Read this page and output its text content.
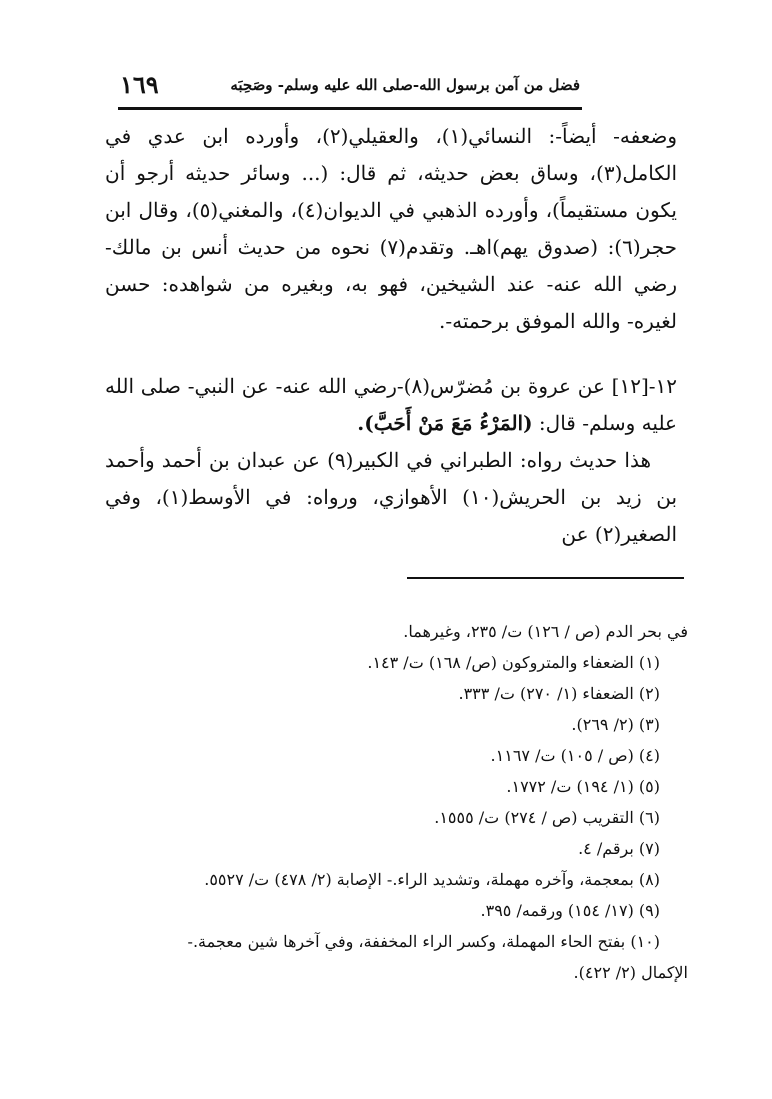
فضل من آمن برسول الله-صلى الله عليه وسلم- وصَحِبَه
١٦٩

وضعفه- أيضاً-: النسائي(١)، والعقيلي(٢)، وأورده ابن عدي في الكامل(٣)، وساق بعض حديثه، ثم قال: (... وسائر حديثه أرجو أن يكون مستقيماً)، وأورده الذهبي في الديوان(٤)، والمغني(٥)، وقال ابن حجر(٦): (صدوق يهم)اهـ. وتقدم(٧) نحوه من حديث أنس بن مالك- رضي الله عنه- عند الشيخين، فهو به، وبغيره من شواهده: حسن لغيره- والله الموفق برحمته-.

١٢-[١٢] عن عروة بن مُضرّس(٨)-رضي الله عنه- عن النبي- صلى الله عليه وسلم- قال: (المَرْءُ مَعَ مَنْ أَحَبَّ).

هذا حديث رواه: الطبراني في الكبير(٩) عن عبدان بن أحمد وأحمد بن زيد بن الحريش(١٠) الأهوازي، ورواه: في الأوسط(١)، وفي الصغير(٢) عن

في بحر الدم (ص / ١٢٦) ت/ ٢٣٥، وغيرهما.

(١) الضعفاء والمتروكون (ص/ ١٦٨) ت/ ١٤٣.

(٢) الضعفاء (١/ ٢٧٠) ت/ ٣٣٣.

(٣) (٢/ ٢٦٩).

(٤) (ص / ١٠٥) ت/ ١١٦٧.

(٥) (١/ ١٩٤) ت/ ١٧٧٢.

(٦) التقريب (ص / ٢٧٤) ت/ ١٥٥٥.

(٧) برقم/ ٤.

(٨) بمعجمة، وآخره مهملة، وتشديد الراء.- الإصابة (٢/ ٤٧٨) ت/ ٥٥٢٧.

(٩) (١٧/ ١٥٤) ورقمه/ ٣٩٥.

(١٠) بفتح الحاء المهملة، وكسر الراء المخففة، وفي آخرها شين معجمة.-

الإكمال (٢/ ٤٢٢).
